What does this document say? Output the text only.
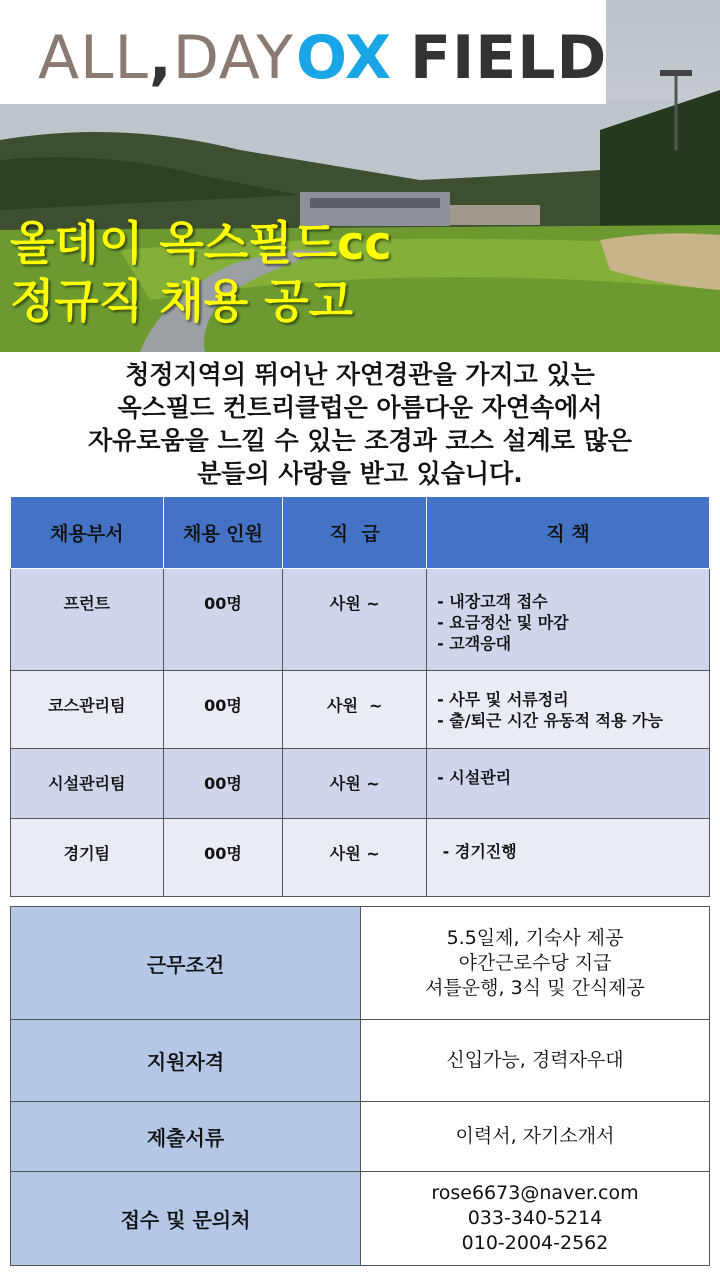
ALL,DAY OX FIELD
올데이 옥스필드cc
정규직 채용 공고
청정지역의 뛰어난 자연경관을 가지고 있는
옥스필드 컨트리클럽은 아름다운 자연속에서
자유로움을 느낄 수 있는 조경과 코스 설계로 많은
분들의 사랑을 받고 있습니다.
채용부서	채용 인원	직  급	직 책
프런트	00명	사원 ~	- 내장고객 접수
- 요금정산 및 마감
- 고객응대

코스관리팀	00명	사원  ~	- 사무 및 서류정리
- 출/퇴근 시간 유동적 적용 가능

시설관리팀	00명	사원 ~	- 시설관리

경기팀	00명	사원 ~	- 경기진행
근무조건	5.5일제, 기숙사 제공
야간근로수당 지급
셔틀운행, 3식 및 간식제공

지원자격	신입가능, 경력자우대

제출서류	이력서, 자기소개서

접수 및 문의처	rose6673@naver.com
033-340-5214
010-2004-2562
